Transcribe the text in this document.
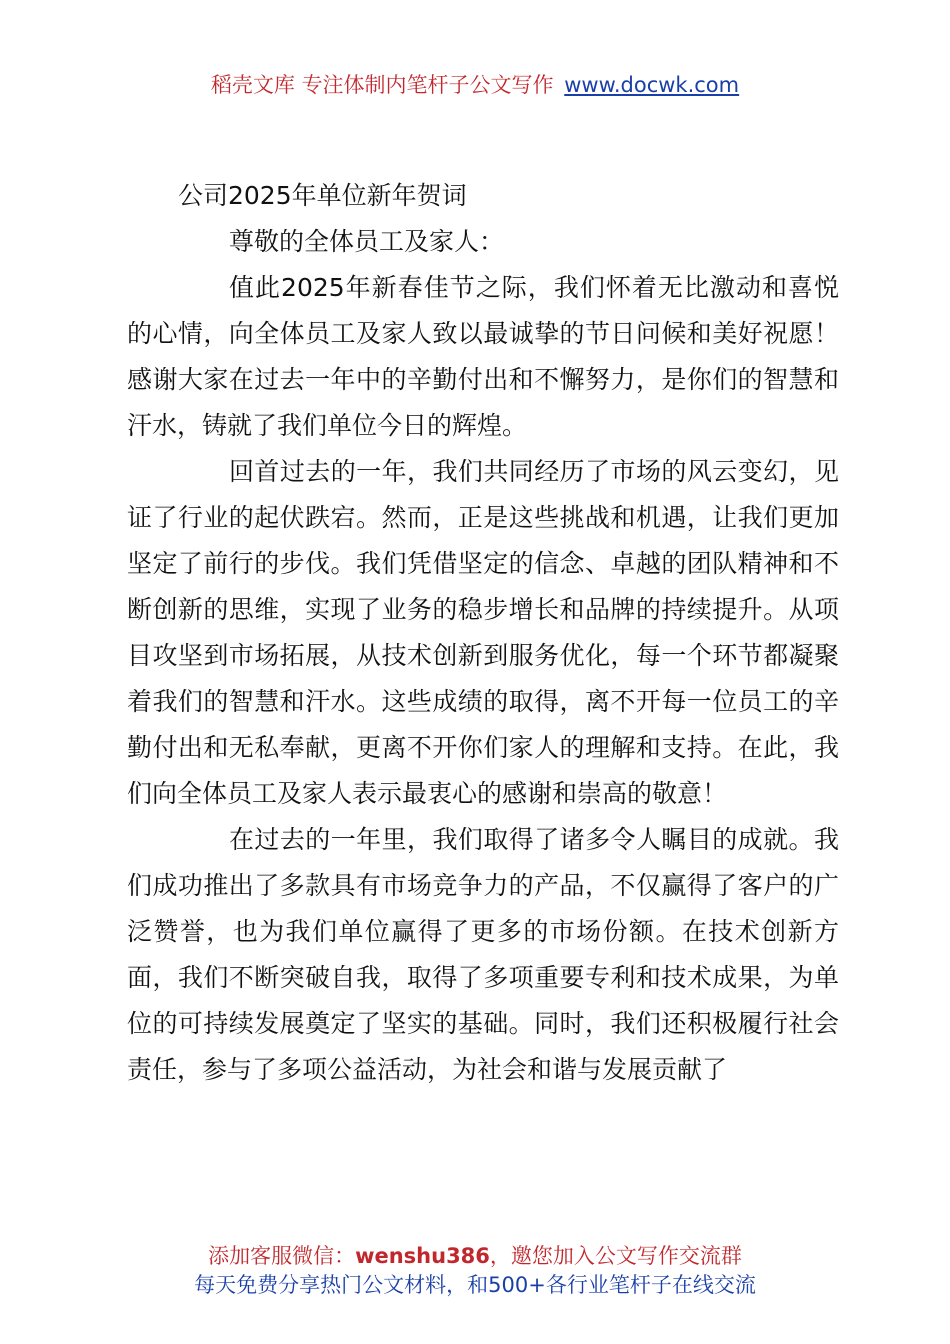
稻壳文库 专注体制内笔杆子公文写作 www.docwk.com

公司2025年单位新年贺词

尊敬的全体员工及家人：

值此2025年新春佳节之际，我们怀着无比激动和喜悦的心情，向全体员工及家人致以最诚挚的节日问候和美好祝愿！感谢大家在过去一年中的辛勤付出和不懈努力，是你们的智慧和汗水，铸就了我们单位今日的辉煌。

回首过去的一年，我们共同经历了市场的风云变幻，见证了行业的起伏跌宕。然而，正是这些挑战和机遇，让我们更加坚定了前行的步伐。我们凭借坚定的信念、卓越的团队精神和不断创新的思维，实现了业务的稳步增长和品牌的持续提升。从项目攻坚到市场拓展，从技术创新到服务优化，每一个环节都凝聚着我们的智慧和汗水。这些成绩的取得，离不开每一位员工的辛勤付出和无私奉献，更离不开你们家人的理解和支持。在此，我们向全体员工及家人表示最衷心的感谢和崇高的敬意！

在过去的一年里，我们取得了诸多令人瞩目的成就。我们成功推出了多款具有市场竞争力的产品，不仅赢得了客户的广泛赞誉，也为我们单位赢得了更多的市场份额。在技术创新方面，我们不断突破自我，取得了多项重要专利和技术成果，为单位的可持续发展奠定了坚实的基础。同时，我们还积极履行社会责任，参与了多项公益活动，为社会和谐与发展贡献了

添加客服微信：wenshu386，邀您加入公文写作交流群
每天免费分享热门公文材料，和500+各行业笔杆子在线交流
